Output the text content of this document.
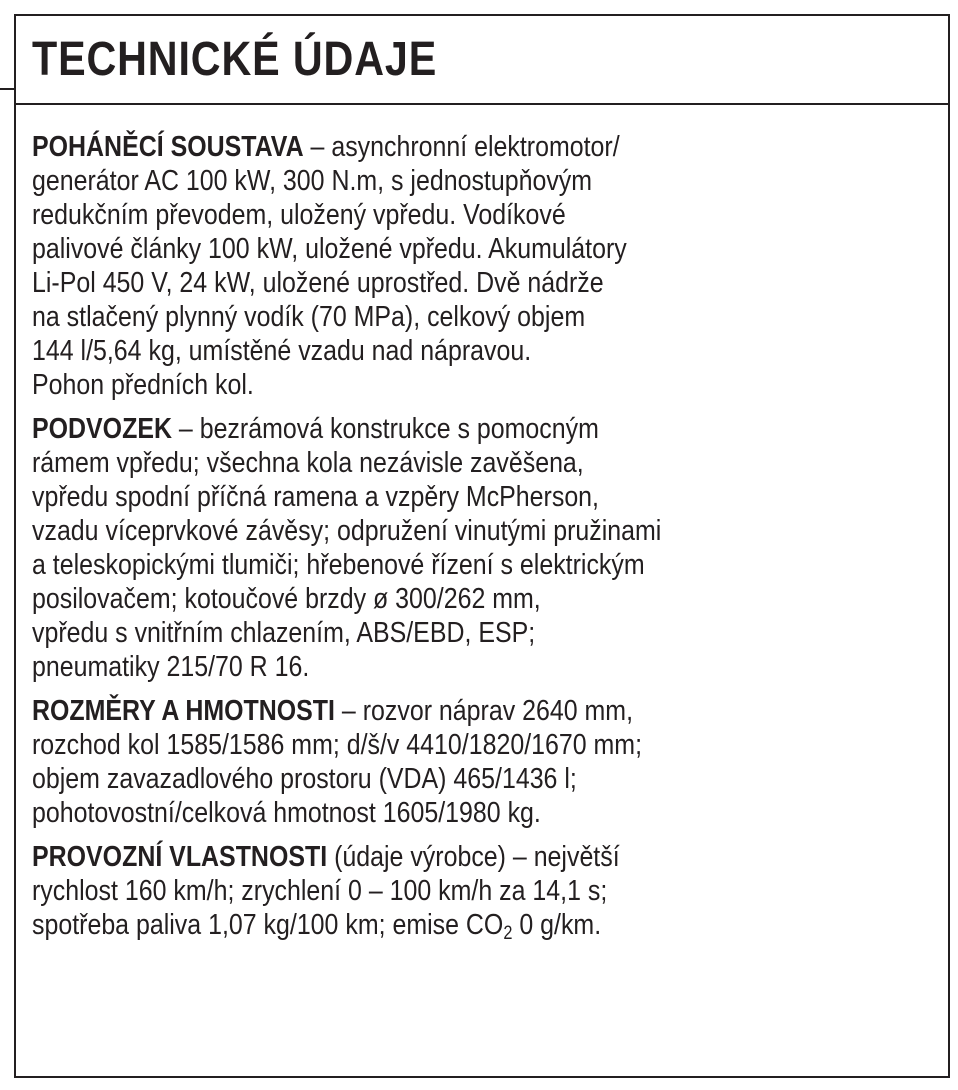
TECHNICKÉ ÚDAJE

POHÁNĚCÍ SOUSTAVA – asynchronní elektromotor/
generátor AC 100 kW, 300 N.m, s jednostupňovým
redukčním převodem, uložený vpředu. Vodíkové
palivové články 100 kW, uložené vpředu. Akumulátory
Li-Pol 450 V, 24 kW, uložené uprostřed. Dvě nádrže
na stlačený plynný vodík (70 MPa), celkový objem
144 l/5,64 kg, umístěné vzadu nad nápravou.
Pohon předních kol.

PODVOZEK – bezrámová konstrukce s pomocným
rámem vpředu; všechna kola nezávisle zavěšena,
vpředu spodní příčná ramena a vzpěry McPherson,
vzadu víceprvkové závěsy; odpružení vinutými pružinami
a teleskopickými tlumiči; hřebenové řízení s elektrickým
posilovačem; kotoučové brzdy ø 300/262 mm,
vpředu s vnitřním chlazením, ABS/EBD, ESP;
pneumatiky 215/70 R 16.

ROZMĚRY A HMOTNOSTI – rozvor náprav 2640 mm,
rozchod kol 1585/1586 mm; d/š/v 4410/1820/1670 mm;
objem zavazadlového prostoru (VDA) 465/1436 l;
pohotovostní/celková hmotnost 1605/1980 kg.

PROVOZNÍ VLASTNOSTI (údaje výrobce) – největší
rychlost 160 km/h; zrychlení 0 – 100 km/h za 14,1 s;
spotřeba paliva 1,07 kg/100 km; emise $CO_2$ 0 g/km.
